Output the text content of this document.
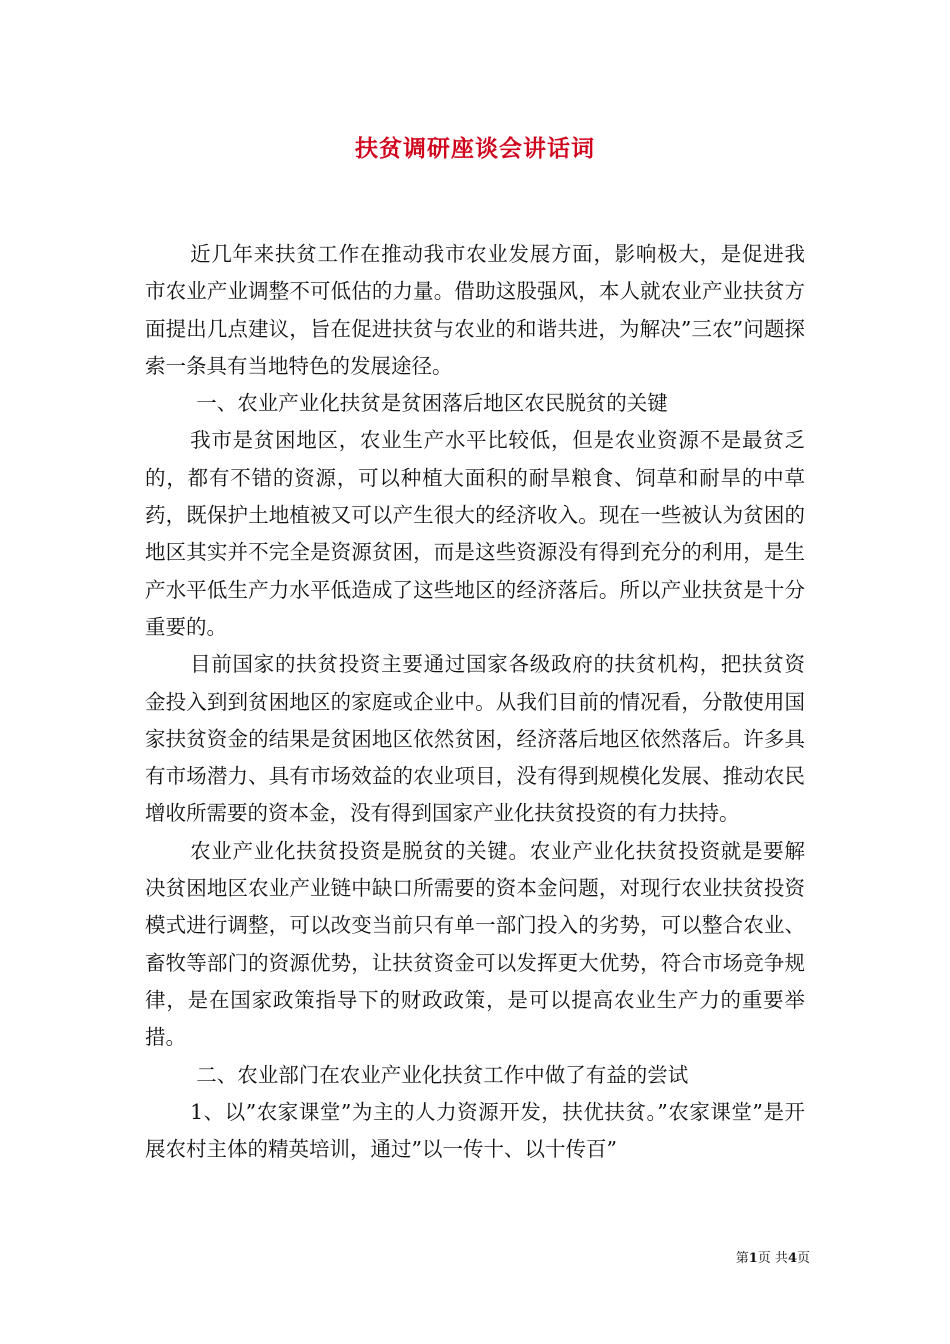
扶贫调研座谈会讲话词

近几年来扶贫工作在推动我市农业发展方面，影响极大，是促进我市农业产业调整不可低估的力量。借助这股强风，本人就农业产业扶贫方面提出几点建议，旨在促进扶贫与农业的和谐共进，为解决”三农”问题探索一条具有当地特色的发展途径。

一、农业产业化扶贫是贫困落后地区农民脱贫的关键

我市是贫困地区，农业生产水平比较低，但是农业资源不是最贫乏的，都有不错的资源，可以种植大面积的耐旱粮食、饲草和耐旱的中草药，既保护土地植被又可以产生很大的经济收入。现在一些被认为贫困的地区其实并不完全是资源贫困，而是这些资源没有得到充分的利用，是生产水平低生产力水平低造成了这些地区的经济落后。所以产业扶贫是十分重要的。

目前国家的扶贫投资主要通过国家各级政府的扶贫机构，把扶贫资金投入到到贫困地区的家庭或企业中。从我们目前的情况看，分散使用国家扶贫资金的结果是贫困地区依然贫困，经济落后地区依然落后。许多具有市场潜力、具有市场效益的农业项目，没有得到规模化发展、推动农民增收所需要的资本金，没有得到国家产业化扶贫投资的有力扶持。

农业产业化扶贫投资是脱贫的关键。农业产业化扶贫投资就是要解决贫困地区农业产业链中缺口所需要的资本金问题，对现行农业扶贫投资模式进行调整，可以改变当前只有单一部门投入的劣势，可以整合农业、畜牧等部门的资源优势，让扶贫资金可以发挥更大优势，符合市场竞争规律，是在国家政策指导下的财政政策，是可以提高农业生产力的重要举措。

二、农业部门在农业产业化扶贫工作中做了有益的尝试

1、以”农家课堂”为主的人力资源开发，扶优扶贫。”农家课堂”是开展农村主体的精英培训，通过”以一传十、以十传百”

第1页 共4页
